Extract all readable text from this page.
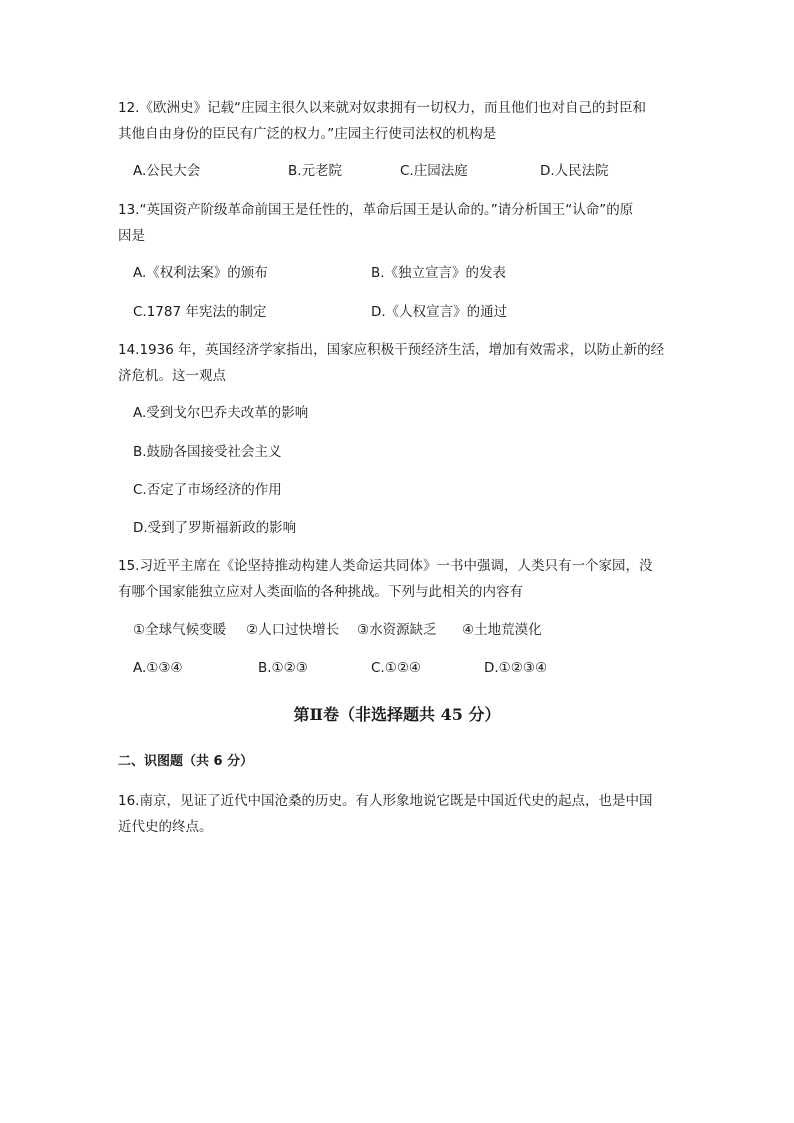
12.《欧洲史》记载“庄园主很久以来就对奴隶拥有一切权力，而且他们也对自己的封臣和
其他自由身份的臣民有广泛的权力。”庄园主行使司法权的机构是
A.公民大会	B.元老院	C.庄园法庭	D.人民法院
13.“英国资产阶级革命前国王是任性的，革命后国王是认命的。”请分析国王“认命”的原
因是
A.《权利法案》的颁布	B.《独立宣言》的发表
C.1787 年宪法的制定	D.《人权宣言》的通过
14.1936 年，英国经济学家指出，国家应积极干预经济生活，增加有效需求，以防止新的经
济危机。这一观点
A.受到戈尔巴乔夫改革的影响
B.鼓励各国接受社会主义
C.否定了市场经济的作用
D.受到了罗斯福新政的影响
15.习近平主席在《论坚持推动构建人类命运共同体》一书中强调，人类只有一个家园，没
有哪个国家能独立应对人类面临的各种挑战。下列与此相关的内容有
①全球气候变暖 ②人口过快增长 ③水资源缺乏 ④土地荒漠化
A.①③④	B.①②③	C.①②④	D.①②③④
第Ⅱ卷（非选择题共 45 分）
二、识图题（共 6 分）
16.南京，见证了近代中国沧桑的历史。有人形象地说它既是中国近代史的起点，也是中国
近代史的终点。
